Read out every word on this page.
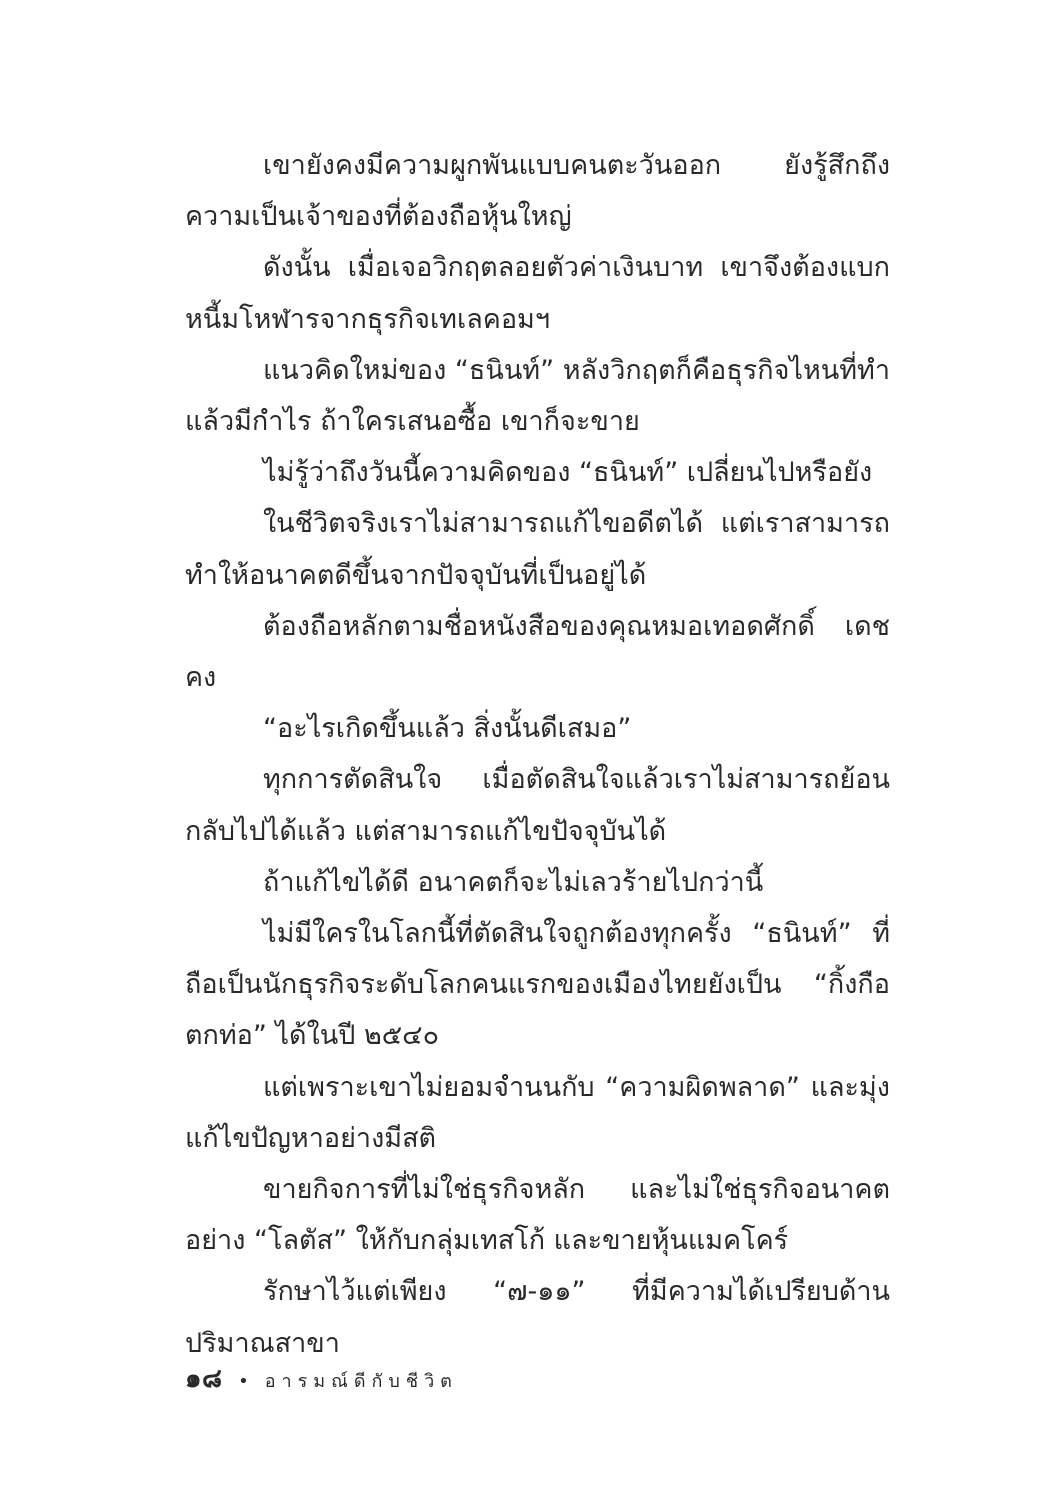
เขายังคงมีความผูกพันแบบคนตะวันออก ยังรู้สึกถึงความเป็นเจ้าของที่ต้องถือหุ้นใหญ่

ดังนั้น เมื่อเจอวิกฤตลอยตัวค่าเงินบาท เขาจึงต้องแบกหนี้มโหฬารจากธุรกิจเทเลคอมฯ

แนวคิดใหม่ของ “ธนินท์” หลังวิกฤตก็คือธุรกิจไหนที่ทำแล้วมีกำไร ถ้าใครเสนอซื้อ เขาก็จะขาย

ไม่รู้ว่าถึงวันนี้ความคิดของ “ธนินท์” เปลี่ยนไปหรือยัง

ในชีวิตจริงเราไม่สามารถแก้ไขอดีตได้ แต่เราสามารถทำให้อนาคตดีขึ้นจากปัจจุบันที่เป็นอยู่ได้

ต้องถือหลักตามชื่อหนังสือของคุณหมอเทอดศักดิ์ เดชคง

“อะไรเกิดขึ้นแล้ว สิ่งนั้นดีเสมอ”

ทุกการตัดสินใจ เมื่อตัดสินใจแล้วเราไม่สามารถย้อนกลับไปได้แล้ว แต่สามารถแก้ไขปัจจุบันได้

ถ้าแก้ไขได้ดี อนาคตก็จะไม่เลวร้ายไปกว่านี้

ไม่มีใครในโลกนี้ที่ตัดสินใจถูกต้องทุกครั้ง “ธนินท์” ที่ถือเป็นนักธุรกิจระดับโลกคนแรกของเมืองไทยยังเป็น “กิ้งกือตกท่อ” ได้ในปี ๒๕๔๐

แต่เพราะเขาไม่ยอมจำนนกับ “ความผิดพลาด” และมุ่งแก้ไขปัญหาอย่างมีสติ

ขายกิจการที่ไม่ใช่ธุรกิจหลัก และไม่ใช่ธุรกิจอนาคตอย่าง “โลตัส” ให้กับกลุ่มเทสโก้ และขายหุ้นแมคโคร์

รักษาไว้แต่เพียง “๗-๑๑” ที่มีความได้เปรียบด้านปริมาณสาขา

๑๘ • อารมณ์ดีกับชีวิต
